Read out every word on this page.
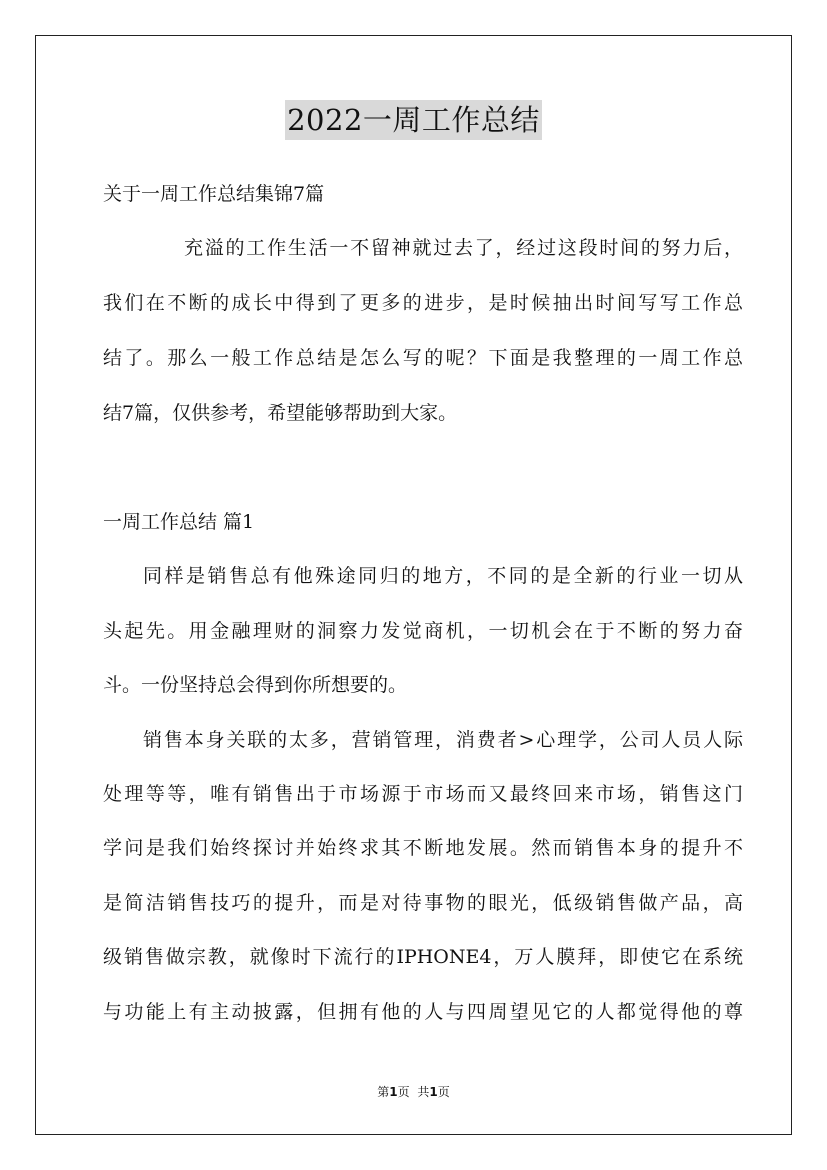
2022一周工作总结
关于一周工作总结集锦7篇
充溢的工作生活一不留神就过去了，经过这段时间的努力后，
我们在不断的成长中得到了更多的进步，是时候抽出时间写写工作总
结了。那么一般工作总结是怎么写的呢？下面是我整理的一周工作总
结7篇，仅供参考，希望能够帮助到大家。
一周工作总结 篇1
同样是销售总有他殊途同归的地方，不同的是全新的行业一切从
头起先。用金融理财的洞察力发觉商机，一切机会在于不断的努力奋
斗。一份坚持总会得到你所想要的。
销售本身关联的太多，营销管理，消费者>心理学，公司人员人际
处理等等，唯有销售出于市场源于市场而又最终回来市场，销售这门
学问是我们始终探讨并始终求其不断地发展。然而销售本身的提升不
是简洁销售技巧的提升，而是对待事物的眼光，低级销售做产品，高
级销售做宗教，就像时下流行的IPHONE4，万人膜拜，即使它在系统
与功能上有主动披露，但拥有他的人与四周望见它的人都觉得他的尊
第1页 共1页
